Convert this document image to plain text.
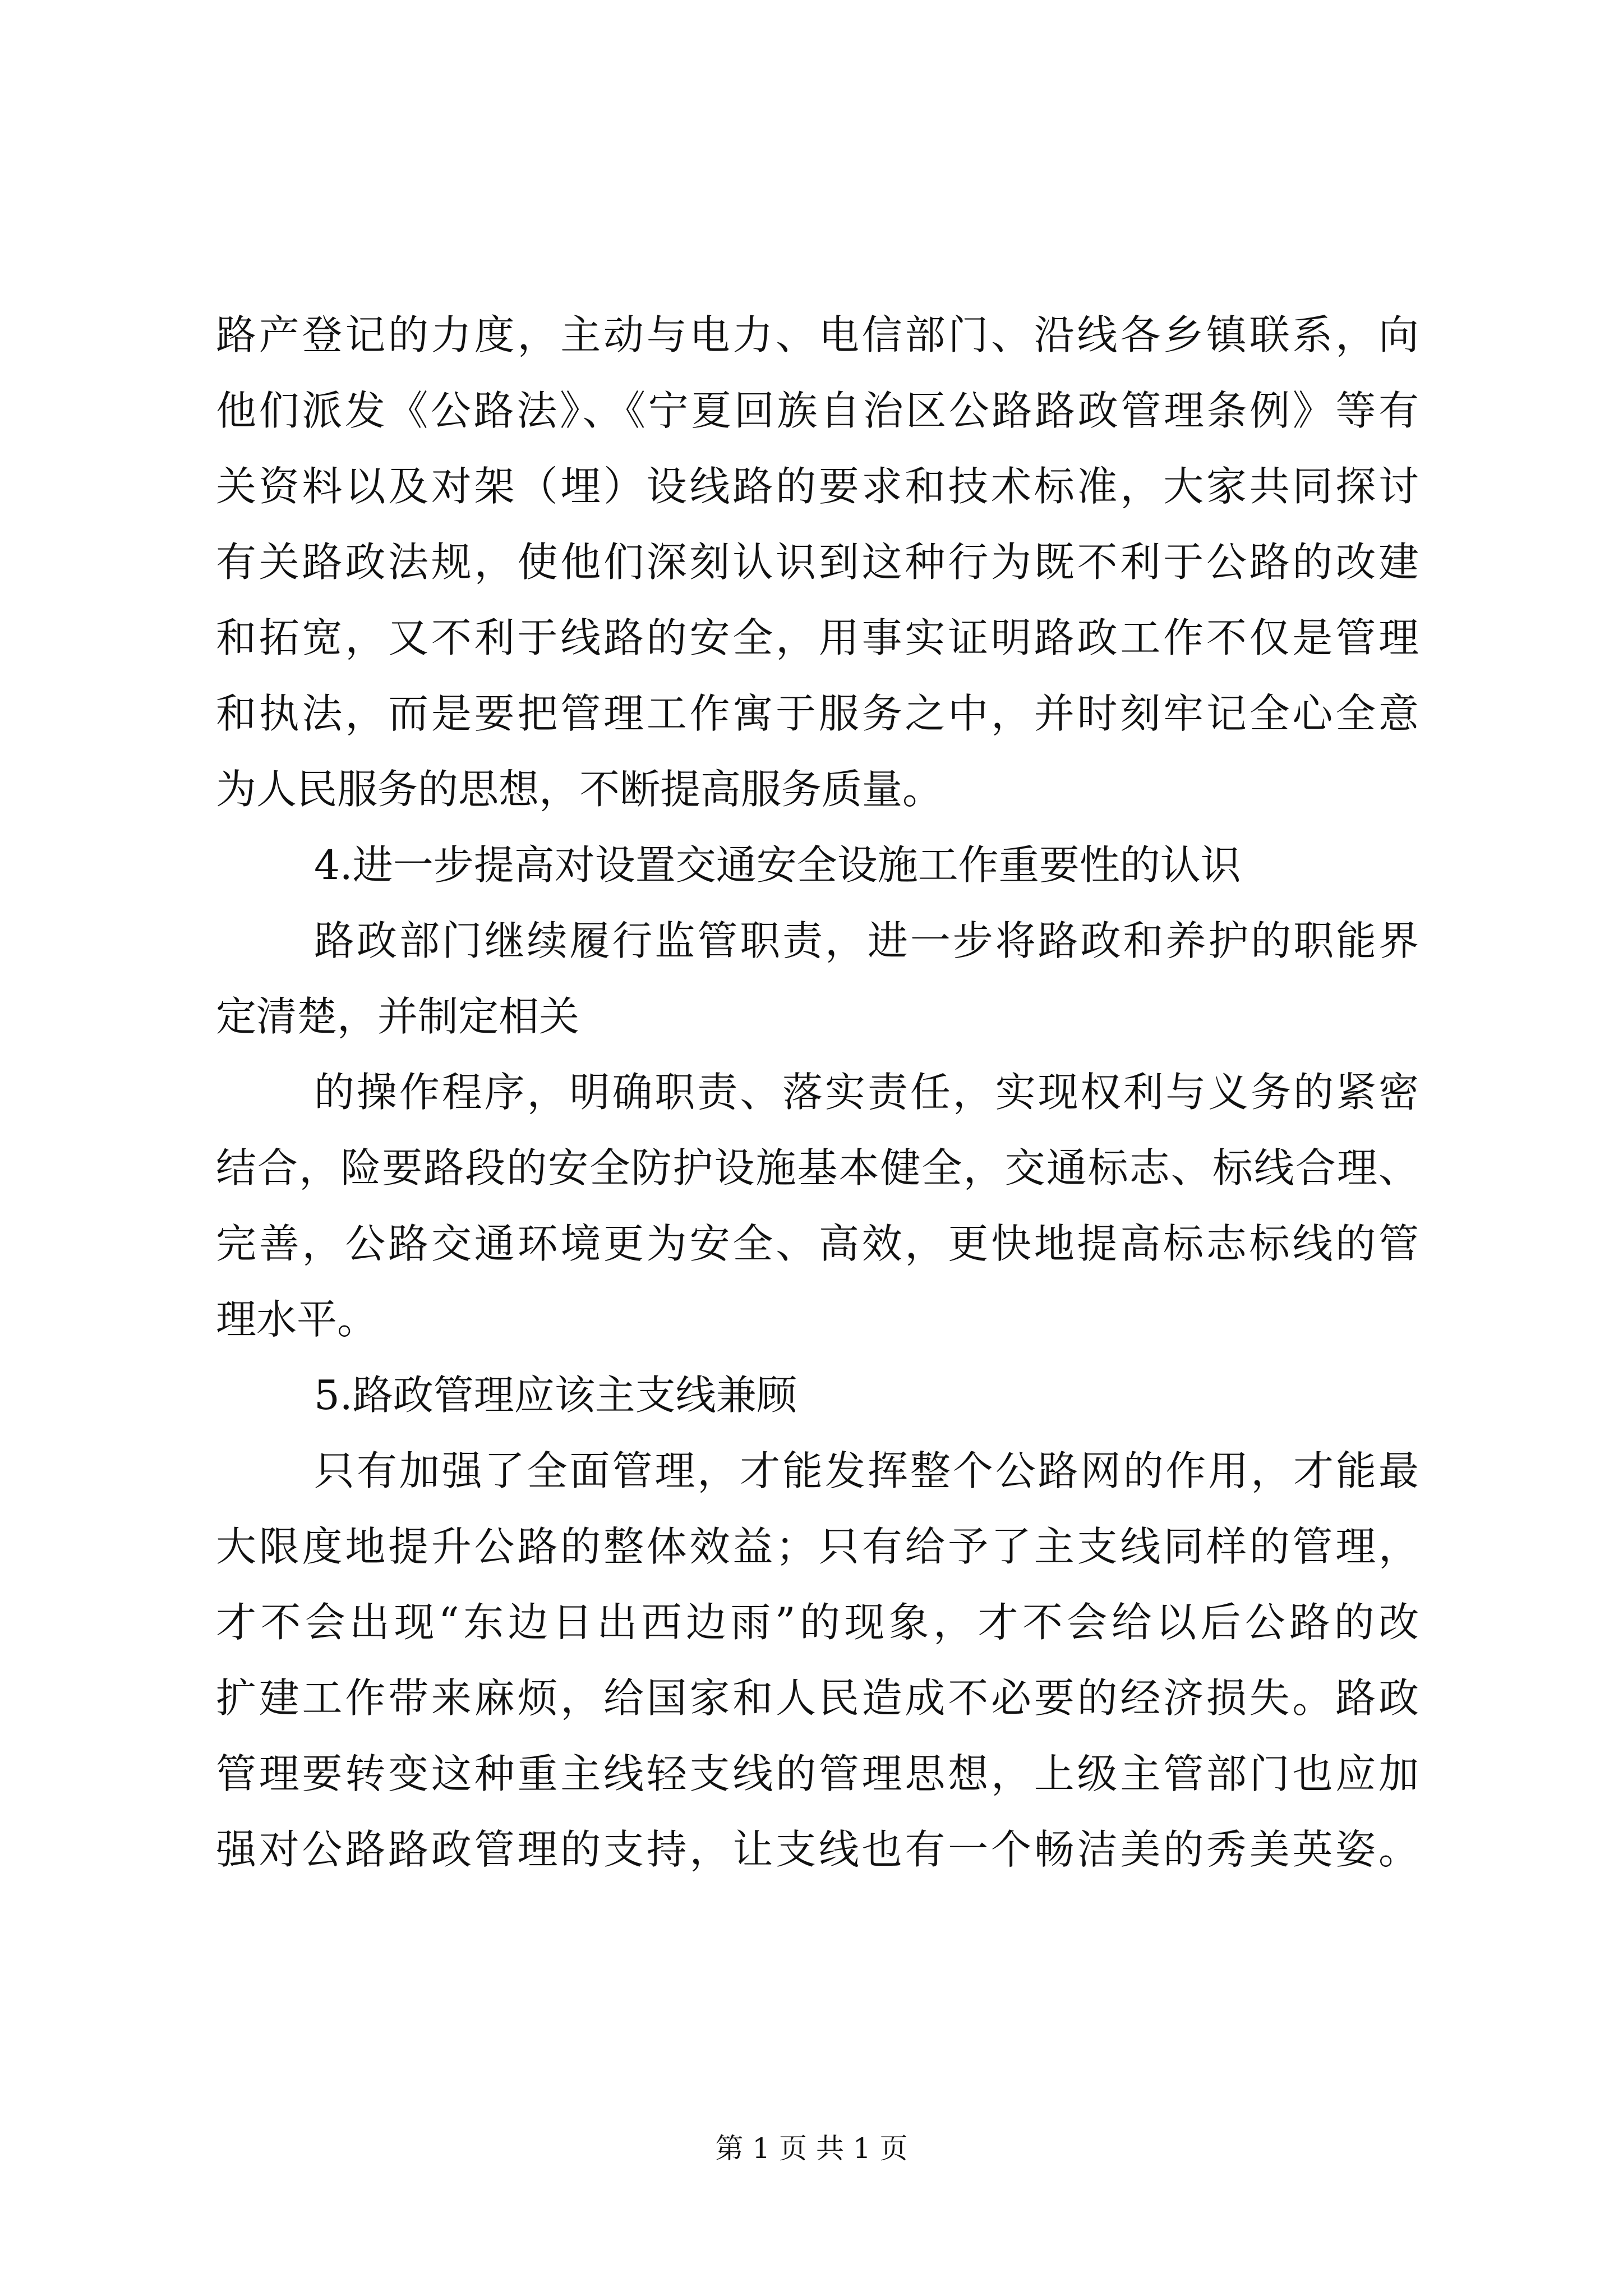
路产登记的力度，主动与电力、电信部门、沿线各乡镇联系，向
他们派发《公路法》、《宁夏回族自治区公路路政管理条例》等有
关资料以及对架（埋）设线路的要求和技术标准，大家共同探讨
有关路政法规，使他们深刻认识到这种行为既不利于公路的改建
和拓宽，又不利于线路的安全，用事实证明路政工作不仅是管理
和执法，而是要把管理工作寓于服务之中，并时刻牢记全心全意
为人民服务的思想，不断提高服务质量。
4.进一步提高对设置交通安全设施工作重要性的认识
路政部门继续履行监管职责，进一步将路政和养护的职能界
定清楚，并制定相关
的操作程序，明确职责、落实责任，实现权利与义务的紧密
结合，险要路段的安全防护设施基本健全，交通标志、标线合理、
完善，公路交通环境更为安全、高效，更快地提高标志标线的管
理水平。
5.路政管理应该主支线兼顾
只有加强了全面管理，才能发挥整个公路网的作用，才能最
大限度地提升公路的整体效益；只有给予了主支线同样的管理，
才不会出现“东边日出西边雨”的现象，才不会给以后公路的改
扩建工作带来麻烦，给国家和人民造成不必要的经济损失。路政
管理要转变这种重主线轻支线的管理思想，上级主管部门也应加
强对公路路政管理的支持，让支线也有一个畅洁美的秀美英姿。
第 1 页 共 1 页
